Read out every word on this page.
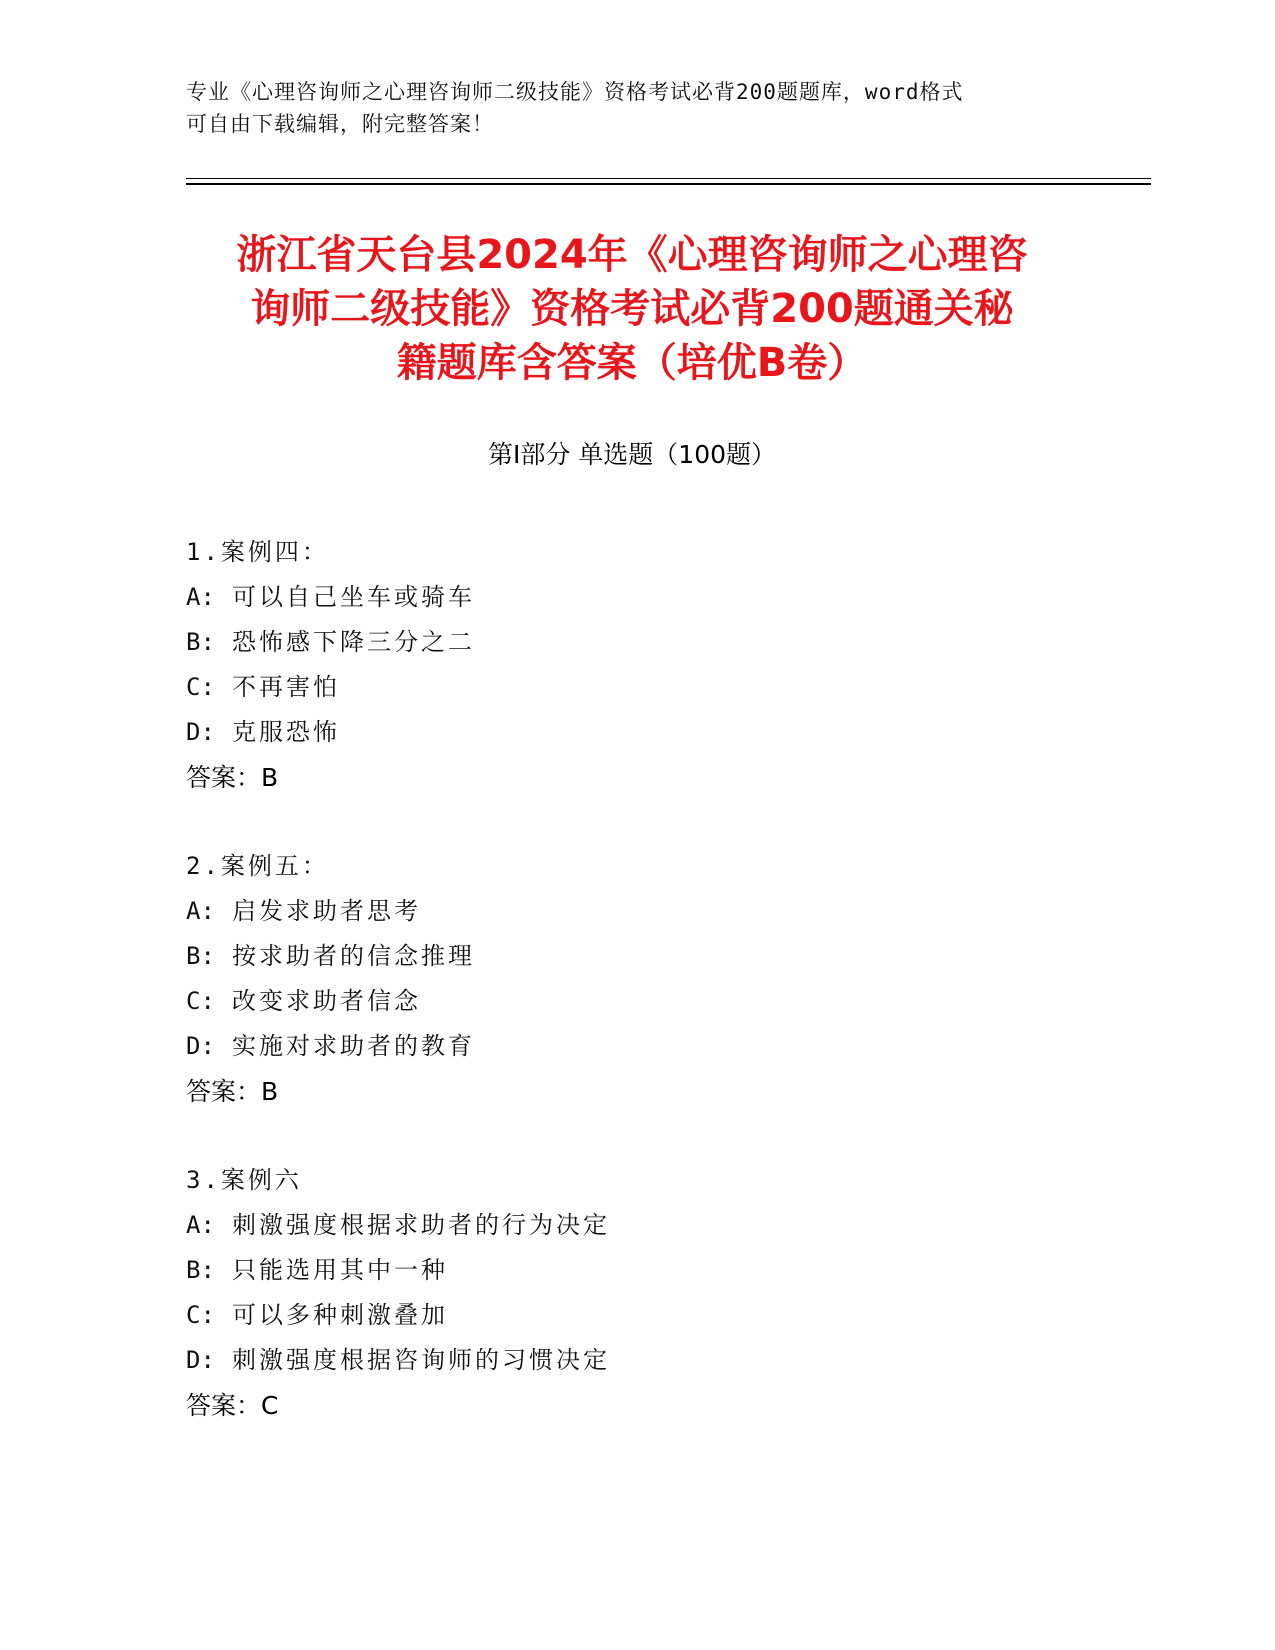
专业《心理咨询师之心理咨询师二级技能》资格考试必背200题题库，word格式
可自由下载编辑，附完整答案！
浙江省天台县2024年《心理咨询师之心理咨
询师二级技能》资格考试必背200题通关秘
籍题库含答案（培优B卷）
第Ⅰ部分 单选题（100题）
1.案例四：
A: 可以自己坐车或骑车
B: 恐怖感下降三分之二
C: 不再害怕
D: 克服恐怖
答案：B
2.案例五：
A: 启发求助者思考
B: 按求助者的信念推理
C: 改变求助者信念
D: 实施对求助者的教育
答案：B
3.案例六
A: 刺激强度根据求助者的行为决定
B: 只能选用其中一种
C: 可以多种刺激叠加
D: 刺激强度根据咨询师的习惯决定
答案：C
